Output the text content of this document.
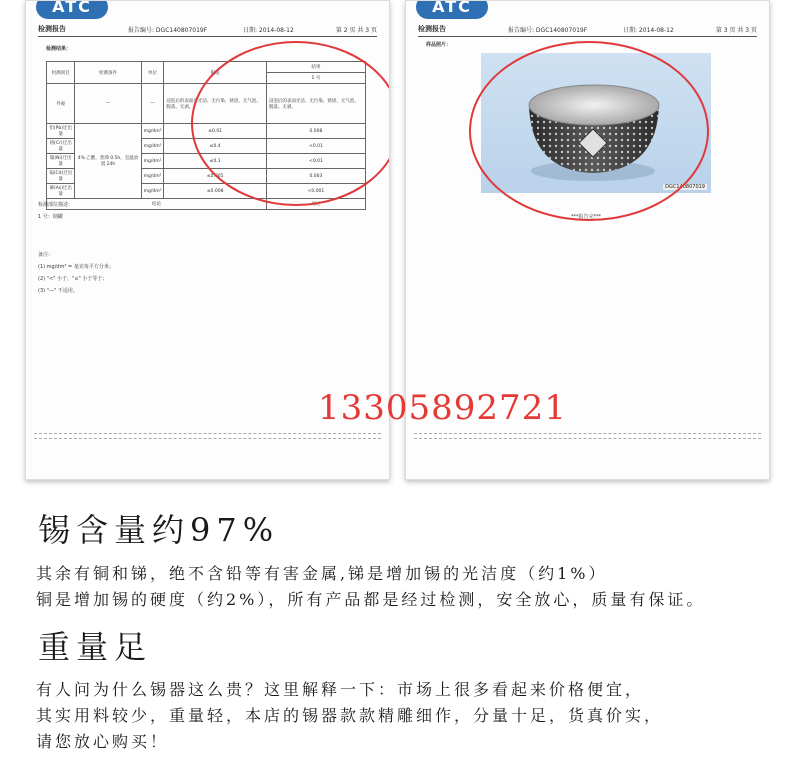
ATC
检测报告	报告编号: DGC140807019F	日期: 2014-08-12	第 2 页 共 3 页
检测结果：
检测项目	检测条件	单位	限值	结果
				1 号
外观	—	—	浸泡后的表面应光洁、无污染、锈迹、无气泡、脱落、无剥。	浸泡后的表面光洁、无污染、锈迹、无气泡、脱落、无剥。
铅(Pb)迁出量	4% 乙酸，煮沸 0.5h，室温放置 24h	mg/dm²	≤0.01	0.008
铬(Cr)迁出量		mg/dm²	≤0.4	<0.01
镍(Ni)迁出量		mg/dm²	≤0.1	<0.01
镉(Cd)迁出量		mg/dm²	≤0.005	0.003
砷(As)迁出量		mg/dm²	≤0.008	<0.001
结论				通过
检测部位描述：
1 号：钢罐
备注：
(1) mg/dm² = 毫克每平方分米；
(2) "<" 小于，"≤" 小于等于；
(3) "—" 不适用。
ATC
检测报告	报告编号: DGC140807019F	日期: 2014-08-12	第 3 页 共 3 页
样品照片：
DGC140807019
***报告完***
13305892721
锡含量约97%
其余有铜和锑，绝不含铅等有害金属,锑是增加锡的光洁度（约1%）
铜是增加锡的硬度（约2%），所有产品都是经过检测，安全放心，质量有保证。
重量足
有人问为什么锡器这么贵？这里解释一下：市场上很多看起来价格便宜，
其实用料较少，重量轻，本店的锡器款款精雕细作，分量十足，货真价实，
请您放心购买！
